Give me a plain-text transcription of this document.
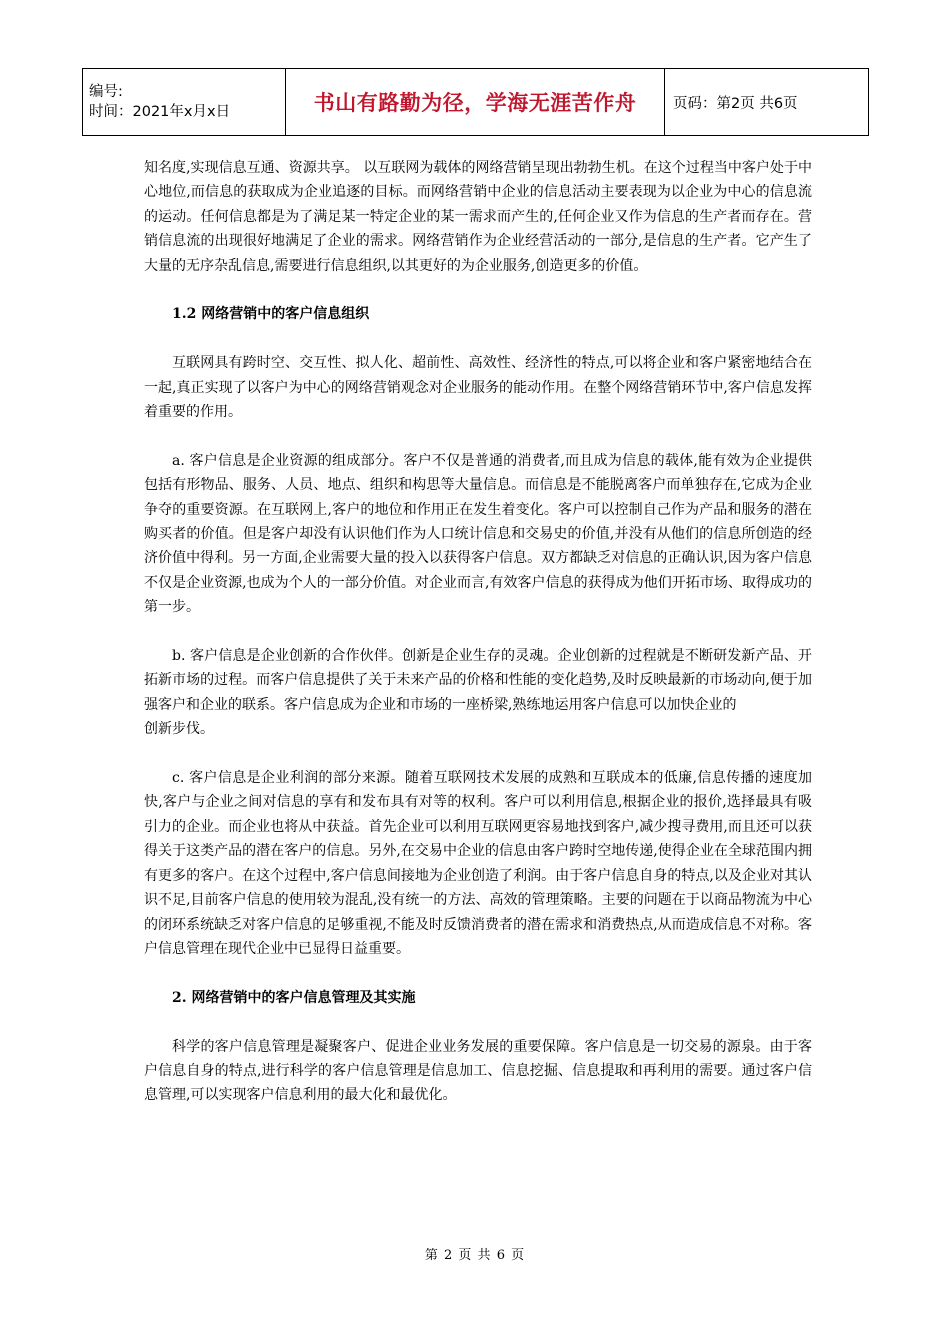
编号:
时间：2021年x月x日	书山有路勤为径，学海无涯苦作舟	页码：第2页 共6页

知名度,实现信息互通、资源共享。 以互联网为载体的网络营销呈现出勃勃生机。在这个过程当中客户处于中心地位,而信息的获取成为企业追逐的目标。而网络营销中企业的信息活动主要表现为以企业为中心的信息流的运动。任何信息都是为了满足某一特定企业的某一需求而产生的,任何企业又作为信息的生产者而存在。营销信息流的出现很好地满足了企业的需求。网络营销作为企业经营活动的一部分,是信息的生产者。它产生了大量的无序杂乱信息,需要进行信息组织,以其更好的为企业服务,创造更多的价值。

1.2 网络营销中的客户信息组织

互联网具有跨时空、交互性、拟人化、超前性、高效性、经济性的特点,可以将企业和客户紧密地结合在一起,真正实现了以客户为中心的网络营销观念对企业服务的能动作用。在整个网络营销环节中,客户信息发挥着重要的作用。

a. 客户信息是企业资源的组成部分。客户不仅是普通的消费者,而且成为信息的载体,能有效为企业提供包括有形物品、服务、人员、地点、组织和构思等大量信息。而信息是不能脱离客户而单独存在,它成为企业争夺的重要资源。在互联网上,客户的地位和作用正在发生着变化。客户可以控制自己作为产品和服务的潜在购买者的价值。但是客户却没有认识他们作为人口统计信息和交易史的价值,并没有从他们的信息所创造的经济价值中得利。另一方面,企业需要大量的投入以获得客户信息。双方都缺乏对信息的正确认识,因为客户信息不仅是企业资源,也成为个人的一部分价值。对企业而言,有效客户信息的获得成为他们开拓市场、取得成功的第一步。

b. 客户信息是企业创新的合作伙伴。创新是企业生存的灵魂。企业创新的过程就是不断研发新产品、开拓新市场的过程。而客户信息提供了关于未来产品的价格和性能的变化趋势,及时反映最新的市场动向,便于加强客户和企业的联系。客户信息成为企业和市场的一座桥梁,熟练地运用客户信息可以加快企业的

创新步伐。

c. 客户信息是企业利润的部分来源。随着互联网技术发展的成熟和互联成本的低廉,信息传播的速度加快,客户与企业之间对信息的享有和发布具有对等的权利。客户可以利用信息,根据企业的报价,选择最具有吸引力的企业。而企业也将从中获益。首先企业可以利用互联网更容易地找到客户,减少搜寻费用,而且还可以获得关于这类产品的潜在客户的信息。另外,在交易中企业的信息由客户跨时空地传递,使得企业在全球范围内拥有更多的客户。在这个过程中,客户信息间接地为企业创造了利润。由于客户信息自身的特点,以及企业对其认识不足,目前客户信息的使用较为混乱,没有统一的方法、高效的管理策略。主要的问题在于以商品物流为中心的闭环系统缺乏对客户信息的足够重视,不能及时反馈消费者的潜在需求和消费热点,从而造成信息不对称。客户信息管理在现代企业中已显得日益重要。

2. 网络营销中的客户信息管理及其实施

科学的客户信息管理是凝聚客户、促进企业业务发展的重要保障。客户信息是一切交易的源泉。由于客户信息自身的特点,进行科学的客户信息管理是信息加工、信息挖掘、信息提取和再利用的需要。通过客户信息管理,可以实现客户信息利用的最大化和最优化。

第 2 页 共 6 页
